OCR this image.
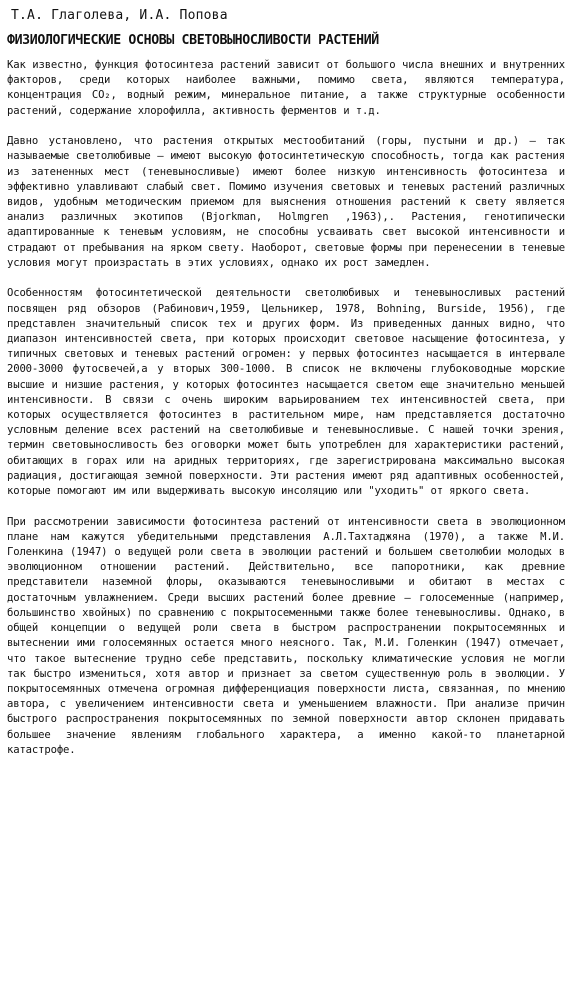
Т.А. Глаголева, И.А. Попова
ФИЗИОЛОГИЧЕСКИЕ ОСНОВЫ СВЕТОВЫНОСЛИВОСТИ РАСТЕНИЙ
Как известно, функция фотосинтеза растений зависит от большого числа внешних и внутренних факторов, среди которых наиболее важными, помимо света, являются температура, концентрация CO₂, водный режим, минеральное питание, а также структурные особенности растений, содержание хлорофилла, активность ферментов и т.д.
Давно установлено, что растения открытых местообитаний (горы, пустыни и др.) – так называемые светолюбивые – имеют высокую фотосинтетическую способность, тогда как растения из затененных мест (теневыносливые) имеют более низкую интенсивность фотосинтеза и эффективно улавливают слабый свет. Помимо изучения световых и теневых растений различных видов, удобным методическим приемом для выяснения отношения растений к свету является анализ различных экотипов (Bjorkman, Holmgren ,1963),. Растения, генотипически адаптированные к теневым условиям, не способны усваивать свет высокой интенсивности и страдают от пребывания на ярком свету. Наоборот, световые формы при перенесении в теневые условия могут произрастать в этих условиях, однако их рост замедлен.
Особенностям фотосинтетической деятельности светолюбивых и теневыносливых растений посвящен ряд обзоров (Рабинович,1959, Цельникер, 1978, Bohning, Burside, 1956), где представлен значительный список тех и других форм. Из приведенных данных видно, что диапазон интенсивностей света, при которых происходит световое насыщение фотосинтеза, у типичных световых и теневых растений огромен: у первых фотосинтез насыщается в интервале 2000-3000 футосвечей,а у вторых 300-1000. В список не включены глубоководные морские высшие и низшие растения, у которых фотосинтез насыщается светом еще значительно меньшей интенсивности. В связи с очень широким варьированием тех интенсивностей света, при которых осуществляется фотосинтез в растительном мире, нам представляется достаточно условным деление всех растений на светолюбивые и теневыносливые. С нашей точки зрения, термин световыносливость без оговорки может быть употреблен для характеристики растений, обитающих в горах или на аридных территориях, где зарегистрирована максимально высокая радиация, достигающая земной поверхности. Эти растения имеют ряд адаптивных особенностей, которые помогают им или выдерживать высокую инсоляцию или "уходить" от яркого света.
При рассмотрении зависимости фотосинтеза растений от интенсивности света в эволюционном плане нам кажутся убедительными представления А.Л.Тахтаджяна (1970), а также М.И. Голенкина (1947) о ведущей роли света в эволюции растений и большем светолюбии молодых в эволюционном отношении растений. Действительно, все папоротники, как древние представители наземной флоры, оказываются теневыносливыми и обитают в местах с достаточным увлажнением. Среди высших растений более древние – голосеменные (например, большинство хвойных) по сравнению с покрытосеменными также более теневыносливы. Однако, в общей концепции о ведущей роли света в быстром распространении покрытосемянных и вытеснении ими голосемянных остается много неясного. Так, М.И. Голенкин (1947) отмечает, что такое вытеснение трудно себе представить, поскольку климатические условия не могли так быстро измениться, хотя автор и признает за светом существенную роль в эволюции. У покрытосемянных отмечена огромная дифференциация поверхности листа, связанная, по мнению автора, с увеличением интенсивности света и уменьшением влажности. При анализе причин быстрого распространения покрытосемянных по земной поверхности автор склонен придавать большее значение явлениям глобального характера, а именно какой-то планетарной катастрофе.
